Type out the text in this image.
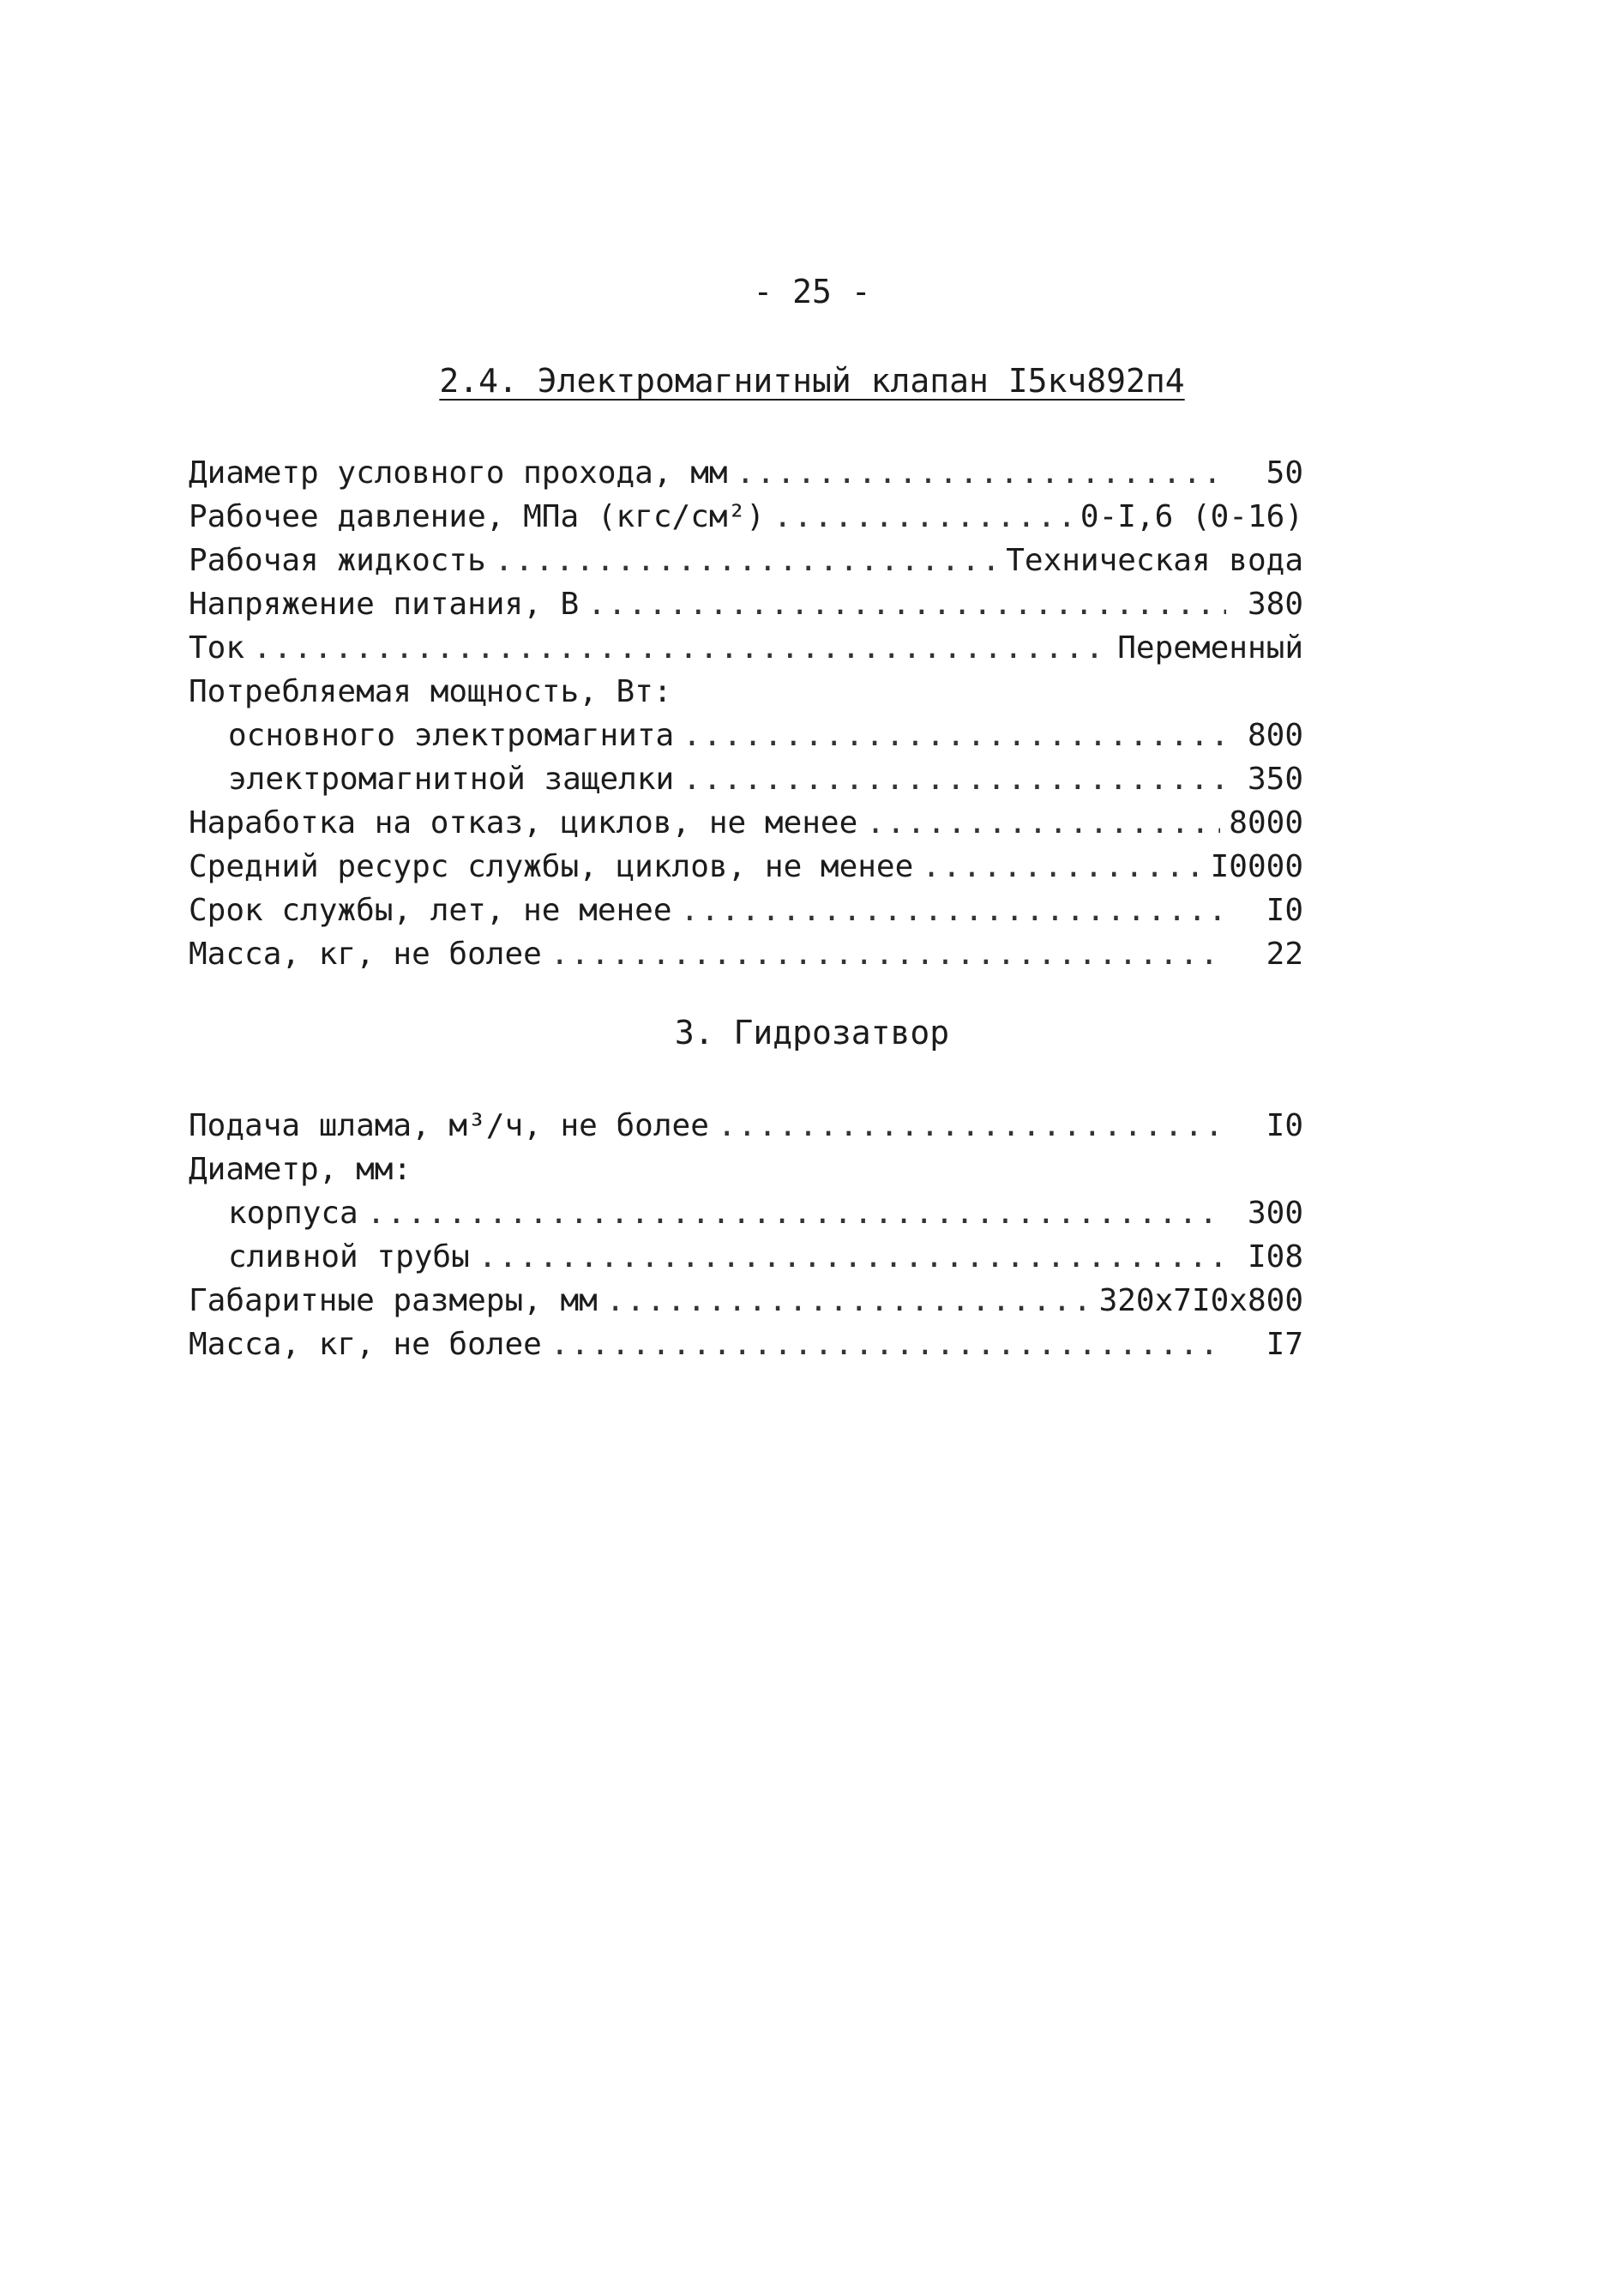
- 25 -
2.4. Электромагнитный клапан I5кч892п4
Диаметр условного прохода, мм .....	50
Рабочее давление, МПа (кгс/см²) .....	0-I,6 (0-16)
Рабочая жидкость .....	Техническая вода
Напряжение питания, В .....	380
Ток .....	Переменный
Потребляемая мощность, Вт:
основного электромагнита .....	800
электромагнитной защелки .....	350
Наработка на отказ, циклов, не менее .....	8000
Средний ресурс службы, циклов, не менее .....	I0000
Срок службы, лет, не менее .....	I0
Масса, кг, не более .....	22
3. Гидрозатвор
Подача шлама, м³/ч, не более .....	I0
Диаметр, мм:
корпуса .....	300
сливной трубы .....	I08
Габаритные размеры, мм .....	320x7I0x800
Масса, кг, не более .....	I7
